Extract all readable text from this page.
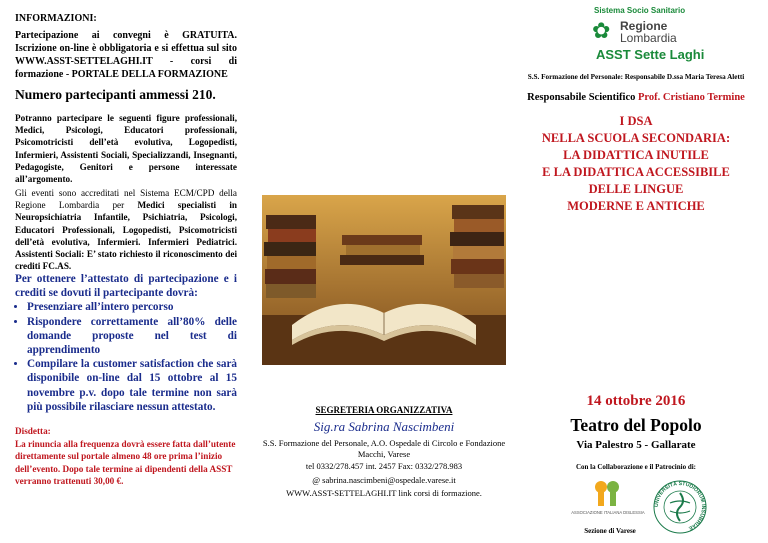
INFORMAZIONI:
Partecipazione ai convegni è GRATUITA. Iscrizione on-line è obbligatoria e si effettua sul sito WWW.ASST-SETTELAGHI.IT - corsi di formazione - PORTALE DELLA FORMAZIONE
Numero partecipanti ammessi 210.
Potranno partecipare le seguenti figure professionali, Medici, Psicologi, Educatori professionali, Psicomotricisti dell’età evolutiva, Logopedisti, Infermieri, Assistenti Sociali, Specializzandi, Insegnanti, Pedagogiste, Genitori e persone interessate all’argomento.
Gli eventi sono accreditati nel Sistema ECM/CPD della Regione Lombardia per Medici specialisti in Neuropsichiatria Infantile, Psichiatria, Psicologi, Educatori Professionali, Logopedisti, Psicomotricisti dell’età evolutiva, Infermieri. Infermieri Pediatrici. Assistenti Sociali: E’ stato richiesto il riconoscimento dei crediti FC.AS.
Per ottenere l’attestato di partecipazione e i crediti se dovuti il partecipante dovrà:
• Presenziare all’intero percorso
• Rispondere correttamente all’80% delle domande proposte nel test di apprendimento
• Compilare la customer satisfaction che sarà disponibile on-line dal 15 ottobre al 15 novembre p.v. dopo tale termine non sarà più possibile rilasciare nessun attestato.
Disdetta:
La rinuncia alla frequenza dovrà essere fatta dall’utente direttamente sul portale almeno 48 ore prima l’inizio dell’evento. Dopo tale termine ai dipendenti della ASST verranno trattenuti 30,00 €.
SEGRETERIA ORGANIZZATIVA
Sig.ra Sabrina Nascimbeni
S.S. Formazione del Personale, A.O. Ospedale di Circolo e Fondazione Macchi, Varese
tel 0332/278.457 int. 2457 Fax: 0332/278.983
@ sabrina.nascimbeni@ospedale.varese.it
WWW.ASST-SETTELAGHI.IT link corsi di formazione.
Sistema Socio Sanitario
✿ Regione
Lombardia
ASST Sette Laghi
S.S. Formazione del Personale: Responsabile D.ssa Maria Teresa Aletti
Responsabile Scientifico Prof. Cristiano Termine
I DSA
NELLA SCUOLA SECONDARIA:
LA DIDATTICA INUTILE
E LA DIDATTICA ACCESSIBILE
DELLE LINGUE
MODERNE E ANTICHE
14 ottobre 2016
Teatro del Popolo
Via Palestro 5 - Gallarate
Con la Collaborazione e il Patrocinio di:
ASSOCIAZIONE ITALIANA DISLESSIA
Sezione di Varese
UNIVERSITÀ STUDIORUM INSUBRIAE
